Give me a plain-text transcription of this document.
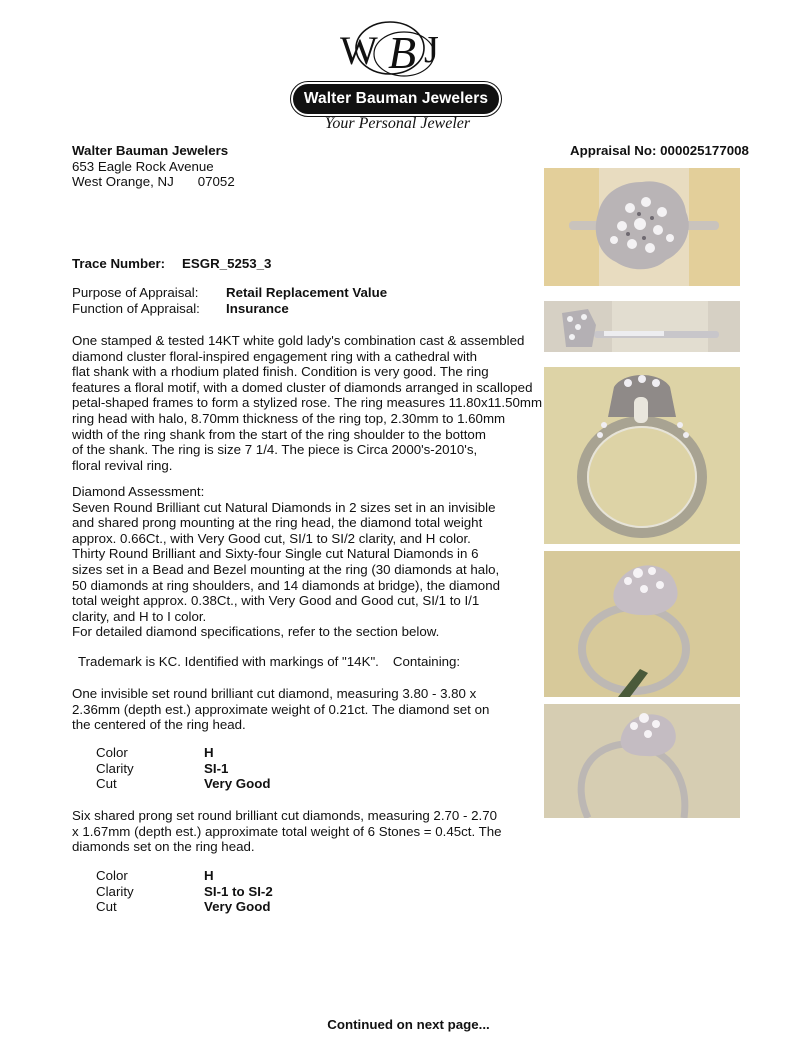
W B J
Walter Bauman Jewelers
Your Personal Jeweler
Walter Bauman Jewelers
653 Eagle Rock Avenue
West Orange, NJ 07052
Appraisal No: 000025177008
Trace Number: ESGR_5253_3
Purpose of Appraisal: Retail Replacement Value
Function of Appraisal: Insurance
One stamped & tested 14KT white gold lady's combination cast & assembled
diamond cluster floral-inspired engagement ring with a cathedral with
flat shank with a rhodium plated finish. Condition is very good. The ring
features a floral motif, with a domed cluster of diamonds arranged in scalloped
petal-shaped frames to form a stylized rose. The ring measures 11.80x11.50mm
ring head with halo, 8.70mm thickness of the ring top, 2.30mm to 1.60mm
width of the ring shank from the start of the ring shoulder to the bottom
of the shank. The ring is size 7 1/4. The piece is Circa 2000's-2010's,
floral revival ring.
Diamond Assessment:
Seven Round Brilliant cut Natural Diamonds in 2 sizes set in an invisible
and shared prong mounting at the ring head, the diamond total weight
approx. 0.66Ct., with Very Good cut, SI/1 to SI/2 clarity, and H color.
Thirty Round Brilliant and Sixty-four Single cut Natural Diamonds in 6
sizes set in a Bead and Bezel mounting at the ring (30 diamonds at halo,
50 diamonds at ring shoulders, and 14 diamonds at bridge), the diamond
total weight approx. 0.38Ct., with Very Good and Good cut, SI/1 to I/1
clarity, and H to I color.
For detailed diamond specifications, refer to the section below.
Trademark is KC. Identified with markings of "14K". Containing:
One invisible set round brilliant cut diamond, measuring 3.80 - 3.80 x
2.36mm (depth est.) approximate weight of 0.21ct. The diamond set on
the centered of the ring head.
Color	H
Clarity	SI-1
Cut	Very Good
Six shared prong set round brilliant cut diamonds, measuring 2.70 - 2.70
x 1.67mm (depth est.) approximate total weight of 6 Stones = 0.45ct. The
diamonds set on the ring head.
Color	H
Clarity	SI-1 to SI-2
Cut	Very Good
Continued on next page...
